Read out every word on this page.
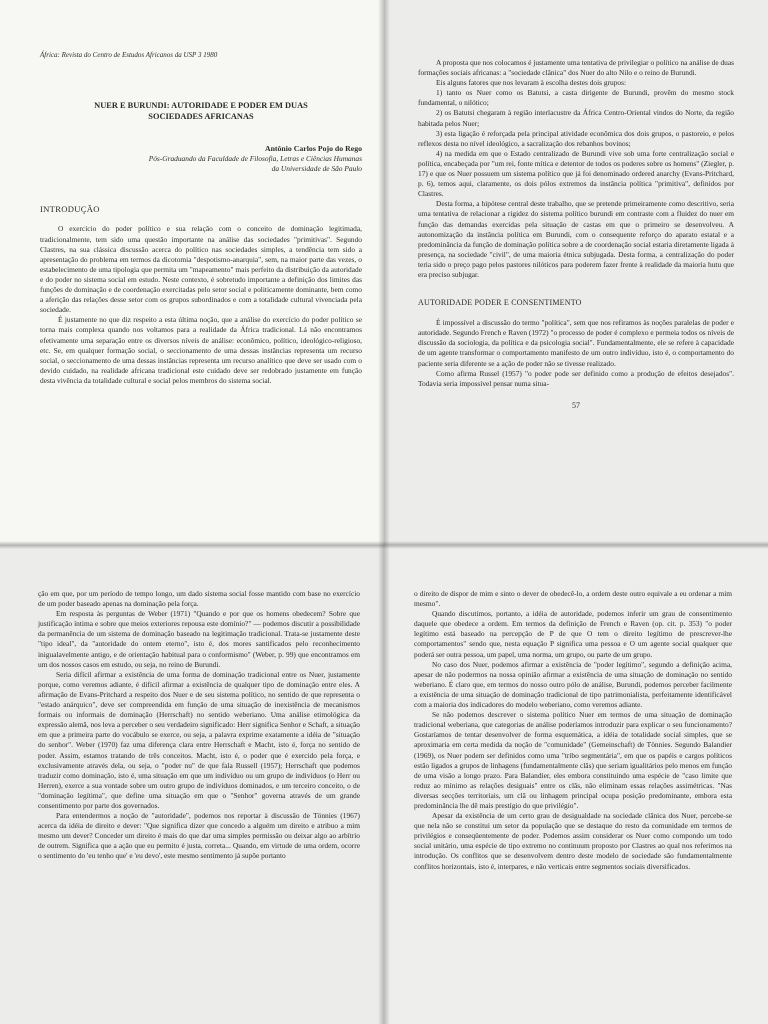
África: Revista do Centro de Estudos Africanos da USP 3 1980

NUER E BURUNDI: AUTORIDADE E PODER EM DUAS
SOCIEDADES AFRICANAS

Antônio Carlos Pojo do Rego

Pós-Graduando da Faculdade de Filosofia, Letras e Ciências Humanas
da Universidade de São Paulo

INTRODUÇÃO

O exercício do poder político e sua relação com o conceito de dominação legitimada, tradicionalmente, tem sido uma questão importante na análise das sociedades "primitivas". Segundo Clastres, na sua clássica discussão acerca do político nas sociedades simples, a tendência tem sido a apresentação do problema em termos da dicotomia "despotismo-anarquia", sem, na maior parte das vezes, o estabelecimento de uma tipologia que permita um "mapeamento" mais perfeito da distribuição da autoridade e do poder no sistema social em estudo. Neste contexto, é sobretudo importante a definição dos limites das funções de dominação e de coordenação exercitadas pelo setor social e politicamente dominante, bem como a aferição das relações desse setor com os grupos subordinados e com a totalidade cultural vivenciada pela sociedade.

É justamente no que diz respeito a esta última noção, que a análise do exercício do poder político se torna mais complexa quando nos voltamos para a realidade da África tradicional. Lá não encontramos efetivamente uma separação entre os diversos níveis de análise: econômico, político, ideológico-religioso, etc. Se, em qualquer formação social, o seccionamento de uma dessas instâncias representa um recurso social, o seccionamento de uma dessas instâncias representa um recurso analítico que deve ser usado com o devido cuidado, na realidade africana tradicional este cuidado deve ser redobrado justamente em função desta vivência da totalidade cultural e social pelos membros do sistema social.

A proposta que nos colocamos é justamente uma tentativa de privilegiar o político na análise de duas formações sociais africanas: a "sociedade clânica" dos Nuer do alto Nilo e o reino de Burundi.

Eis alguns fatores que nos levaram à escolha destes dois grupos:

1) tanto os Nuer como os Batutsi, a casta dirigente de Burundi, provêm do mesmo stock fundamental, o nilótico;

2) os Batutsi chegaram à região interlacustre da África Centro-Oriental vindos do Norte, da região habitada pelos Nuer;

3) esta ligação é reforçada pela principal atividade econômica dos dois grupos, o pastoreio, e pelos reflexos desta no nível ideológico, a sacralização dos rebanhos bovinos;

4) na medida em que o Estado centralizado de Burundi vive sob uma forte centralização social e política, encabeçada por "um rei, fonte mítica e detentor de todos os poderes sobre os homens" (Ziegler, p. 17) e que os Nuer possuem um sistema político que já foi denominado ordered anarchy (Evans-Pritchard, p. 6), temos aqui, claramente, os dois pólos extremos da instância política "primitiva", definidos por Clastres.

Desta forma, a hipótese central deste trabalho, que se pretende primeiramente como descritivo, seria uma tentativa de relacionar a rigidez do sistema político burundi em contraste com a fluidez do nuer em função das demandas exercidas pela situação de castas em que o primeiro se desenvolveu. A autonomização da instância política em Burundi, com o consequente reforço do aparato estatal e a predominância da função de dominação política sobre a de coordenação social estaria diretamente ligada à presença, na sociedade "civil", de uma maioria étnica subjugada. Desta forma, a centralização do poder teria sido o preço pago pelos pastores nilóticos para poderem fazer frente à realidade da maioria hutu que era preciso subjugar.

AUTORIDADE PODER E CONSENTIMENTO

É impossível a discussão do termo "política", sem que nos refiramos às noções paralelas de poder e autoridade. Segundo French e Raven (1972) "o processo de poder é complexo e permeia todos os níveis de discussão da sociologia, da política e da psicologia social". Fundamentalmente, ele se refere à capacidade de um agente transformar o comportamento manifesto de um outro indivíduo, isto é, o comportamento do paciente seria diferente se a ação de poder não se tivesse realizado.

Como afirma Russel (1957) "o poder pode ser definido como a produção de efeitos desejados". Todavia seria impossível pensar numa situa-

57

ção em que, por um período de tempo longo, um dado sistema social fosse mantido com base no exercício de um poder baseado apenas na dominação pela força.

Em resposta às perguntas de Weber (1971) "Quando e por que os homens obedecem? Sobre que justificação íntima e sobre que meios exteriores repousa este domínio?" — podemos discutir a possibilidade da permanência de um sistema de dominação baseado na legitimação tradicional. Trata-se justamente deste "tipo ideal", da "autoridade do ontem eterno", isto é, dos mores santificados pelo reconhecimento inigualavelmente antigo, e de orientação habitual para o conformismo" (Weber, p. 99) que encontramos em um dos nossos casos em estudo, ou seja, no reino de Burundi.

Seria difícil afirmar a existência de uma forma de dominação tradicional entre os Nuer, justamente porque, como veremos adiante, é difícil afirmar a existência de qualquer tipo de dominação entre eles. A afirmação de Evans-Pritchard a respeito dos Nuer e de seu sistema político, no sentido de que representa o "estado anárquico", deve ser compreendida em função de uma situação de inexistência de mecanismos formais ou informais de dominação (Herrschaft) no sentido weberiano. Uma análise etimológica da expressão alemã, nos leva a perceber o seu verdadeiro significado: Herr significa Senhor e Schaft, a situação em que a primeira parte do vocábulo se exerce, ou seja, a palavra exprime exatamente a idéia de "situação do senhor". Weber (1970) faz uma diferença clara entre Herrschaft e Macht, isto é, força no sentido de poder. Assim, estamos tratando de três conceitos. Macht, isto é, o poder que é exercido pela força, e exclusivamente através dela, ou seja, o "poder nu" de que fala Russell (1957); Herrschaft que podemos traduzir como dominação, isto é, uma situação em que um indivíduo ou um grupo de indivíduos (o Herr ou Herren), exerce a sua vontade sobre um outro grupo de indivíduos dominados, e um terceiro conceito, o de "dominação legítima", que define uma situação em que o "Senhor" governa através de um grande consentimento por parte dos governados.

Para entendermos a noção de "autoridade", podemos nos reportar à discussão de Tönnies (1967) acerca da idéia de direito e dever: "Que significa dizer que concedo a alguém um direito e atribuo a mim mesmo um dever? Conceder um direito é mais do que dar uma simples permissão ou deixar algo ao arbítrio de outrem. Significa que a ação que eu permito é justa, correta... Quando, em virtude de uma ordem, ocorre o sentimento do 'eu tenho que' e 'eu devo', este mesmo sentimento já supõe portanto

o direito de dispor de mim e sinto o dever de obedecê-lo, a ordem deste outro equivale a eu ordenar a mim mesmo".

Quando discutimos, portanto, a idéia de autoridade, podemos inferir um grau de consentimento daquele que obedece a ordem. Em termos da definição de French e Raven (op. cit. p. 353) "o poder legítimo está baseado na percepção de P de que O tem o direito legítimo de prescrever-lhe comportamentos" sendo que, nesta equação P significa uma pessoa e O um agente social qualquer que poderá ser outra pessoa, um papel, uma norma, um grupo, ou parte de um grupo.

No caso dos Nuer, podemos afirmar a existência de "poder legítimo", segundo a definição acima, apesar de não podermos na nossa opinião afirmar a existência de uma situação de dominação no sentido weberiano. É claro que, em termos do nosso outro pólo de análise, Burundi, podemos perceber facilmente a existência de uma situação de dominação tradicional de tipo patrimonialista, perfeitamente identificável com a maioria dos indicadores do modelo weberiano, como veremos adiante.

Se não podemos descrever o sistema político Nuer em termos de uma situação de dominação tradicional weberiana, que categorias de análise poderíamos introduzir para explicar o seu funcionamento? Gostaríamos de tentar desenvolver de forma esquemática, a idéia de totalidade social simples, que se aproximaria em certa medida da noção de "comunidade" (Gemeinschaft) de Tönnies. Segundo Balandier (1969), os Nuer podem ser definidos como uma "tribo segmentária", em que os papéis e cargos políticos estão ligados a grupos de linhagens (fundamentalmente clãs) que seriam igualitários pelo menos em função de uma visão a longo prazo. Para Balandier, eles embora constituindo uma espécie de "caso limite que reduz ao mínimo as relações desiguais" entre os clãs, não eliminam essas relações assimétricas. "Nas diversas secções territoriais, um clã ou linhagem principal ocupa posição predominante, embora esta predominância lhe dê mais prestígio do que privilégio".

Apesar da existência de um certo grau de desigualdade na sociedade clânica dos Nuer, percebe-se que nela não se constitui um setor da população que se destaque do resto da comunidade em termos de privilégios e conseqüentemente de poder. Podemos assim considerar os Nuer como compondo um todo social unitário, uma espécie de tipo extremo no continuum proposto por Clastres ao qual nos referimos na introdução. Os conflitos que se desenvolvem dentro deste modelo de sociedade são fundamentalmente conflitos horizontais, isto é, interpares, e não verticais entre segmentos sociais diversificados.
